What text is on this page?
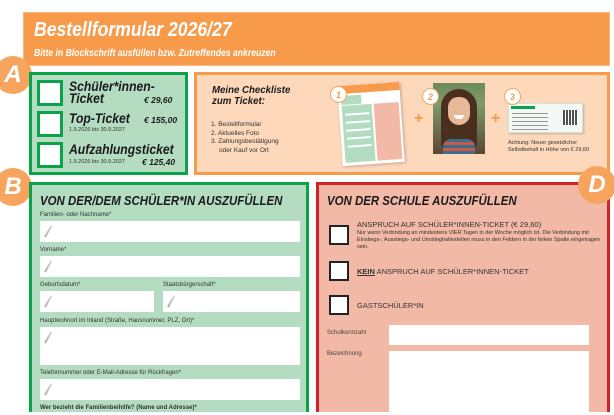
Bestellformular 2026/27
Bitte in Blockschrift ausfüllen bzw. Zutreffendes ankreuzen
A
B
Schüler*innen-
Ticket	€ 29,60
Top-Ticket € 155,00
1.9.2026 bis 30.9.2027
Aufzahlungsticket
1.9.2026 bis 30.9.2027 € 125,40
Meine Checkliste
zum Ticket:
1. Bestellformular
2. Aktuelles Foto
3. Zahlungsbestätigung
oder Kauf vor Ort
1
+
2
+
3
Achtung: Neuer gesetzlicher
Selbstbehalt in Höhe von € 29,60
VON DER/DEM SCHÜLER*IN AUSZUFÜLLEN
Familien- oder Nachname*
Vorname*
Geburtsdatum*	Staatsbürgerschaft*
Hauptwohnort im Inland (Straße, Hausnummer, PLZ, Ort)*
Telefonnummer oder E-Mail-Adresse für Rückfragen*
Wer bezieht die Familienbeihilfe? (Name und Adresse)*
VON DER SCHULE AUSZUFÜLLEN
ANSPRUCH AUF SCHÜLER*INNEN-TICKET (€ 29,60)
Nur wenn Verbindung an mindestens VIER Tagen in der Woche möglich ist. Die Verbindung mit Einstiegs-, Ausstiegs- und Umstieghaltestellen muss in den Feldern in der linken Spalte eingetragen sein.
KEIN ANSPRUCH AUF SCHÜLER*INNEN-TICKET
GASTSCHÜLER*IN
Schulkennzahl
Bezeichnung
D
